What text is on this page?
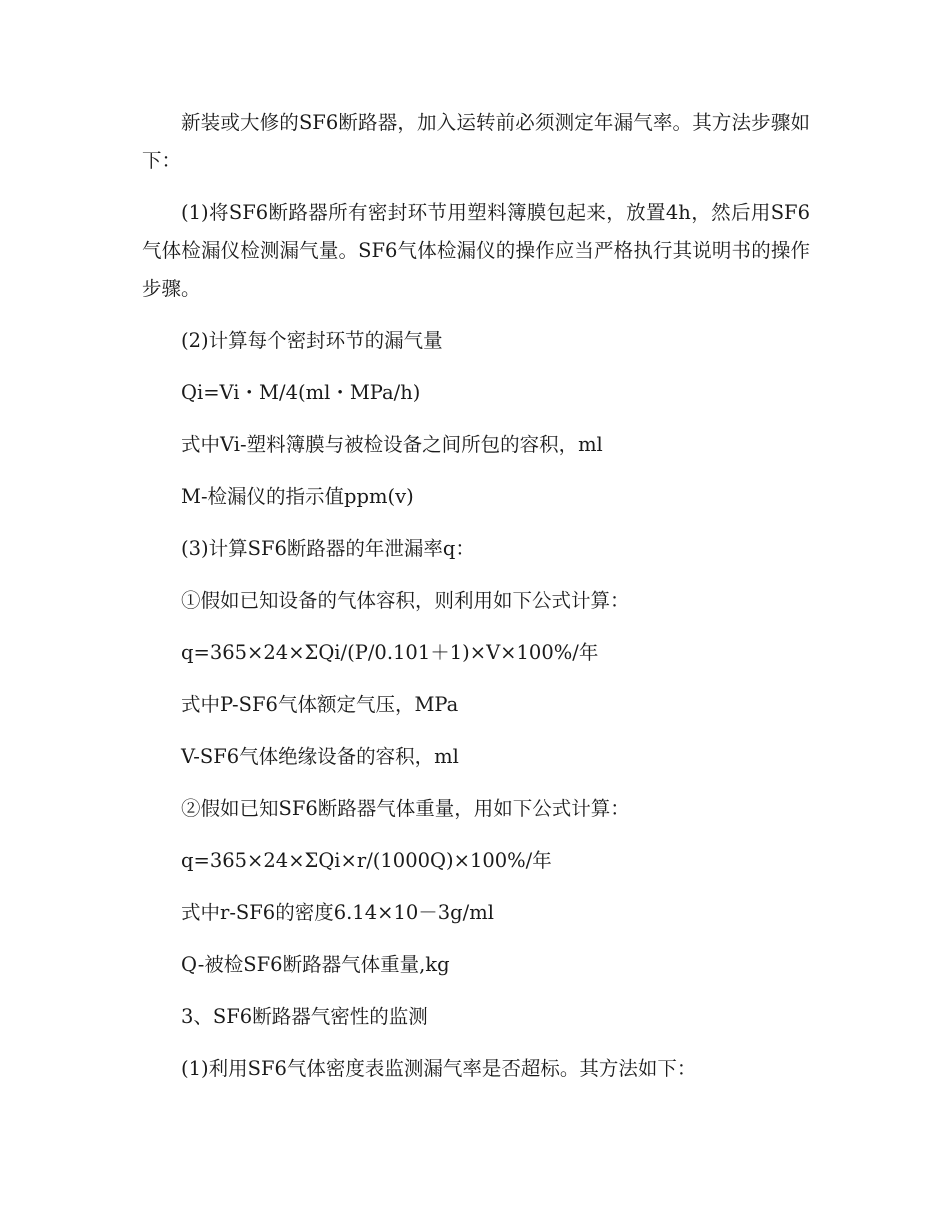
新装或大修的SF6断路器，加入运转前必须测定年漏气率。其方法步骤如下：

(1)将SF6断路器所有密封环节用塑料簿膜包起来，放置4h，然后用SF6气体检漏仪检测漏气量。SF6气体检漏仪的操作应当严格执行其说明书的操作步骤。

(2)计算每个密封环节的漏气量

Qi=Vi・M/4(ml・MPa/h)

式中Vi-塑料簿膜与被检设备之间所包的容积，ml

M-检漏仪的指示值ppm(v)

(3)计算SF6断路器的年泄漏率q：

①假如已知设备的气体容积，则利用如下公式计算：

q=365×24×ΣQi/(P/0.101＋1)×V×100%/年

式中P-SF6气体额定气压，MPa

V-SF6气体绝缘设备的容积，ml

②假如已知SF6断路器气体重量，用如下公式计算：

q=365×24×ΣQi×r/(1000Q)×100%/年

式中r-SF6的密度6.14×10－3g/ml

Q-被检SF6断路器气体重量,kg

3、SF6断路器气密性的监测

(1)利用SF6气体密度表监测漏气率是否超标。其方法如下：
